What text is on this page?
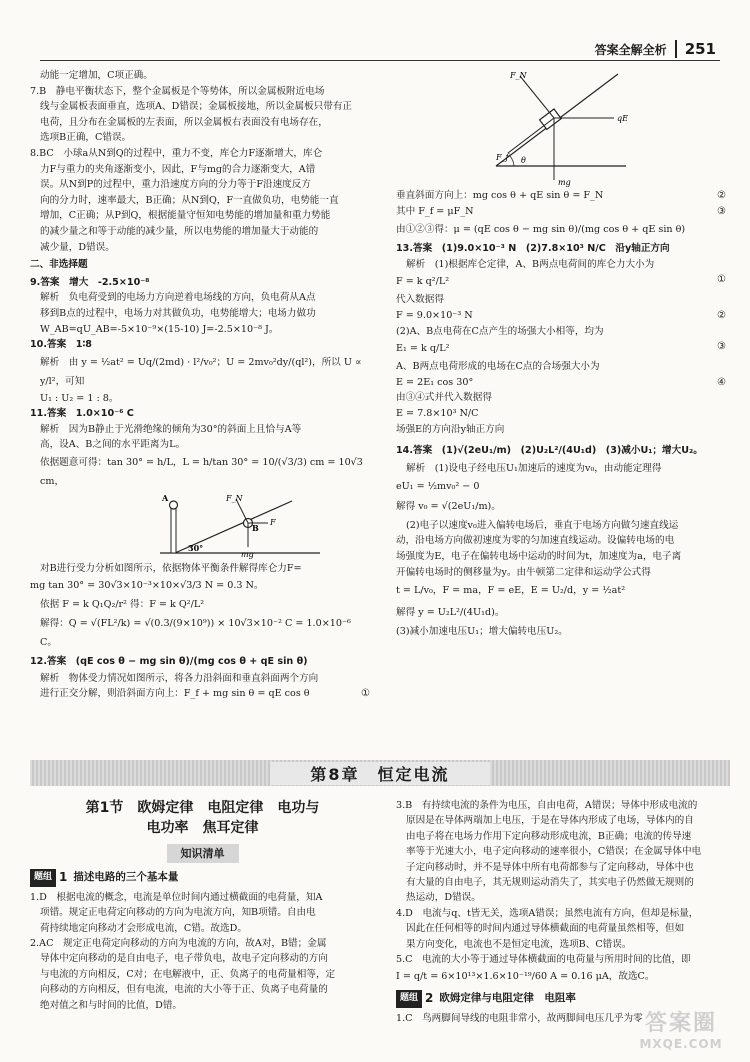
答案全解全析	251

动能一定增加，C项正确。

7.B　静电平衡状态下，整个金属板是个等势体，所以金属板附近电场

线与金属板表面垂直，选项A、D错误；金属板接地，所以金属板只带有正

电荷，且分布在金属板的左表面，所以金属板右表面没有电场存在，

选项B正确，C错误。

8.BC　小球a从N到Q的过程中，重力不变，库仑力F逐渐增大，库仑

力F与重力的夹角逐渐变小，因此，F与mg的合力逐渐变大，A错

误。从N到P的过程中，重力沿速度方向的分力等于F沿速度反方

向的分力时，速率最大，B正确；从N到Q，F一直做负功，电势能一直

增加，C正确；从P到Q，根据能量守恒知电势能的增加量和重力势能

的减少量之和等于动能的减少量，所以电势能的增加量大于动能的

减少量，D错误。

二、非选择题

9.答案　增大　-2.5×10⁻⁸

解析　负电荷受到的电场力方向逆着电场线的方向，负电荷从A点

移到B点的过程中，电场力对其做负功，电势能增大；电场力做功

W_AB=qU_AB=-5×10⁻⁹×(15-10) J=-2.5×10⁻⁸ J。

10.答案　1∶8

解析　由 y = ½at² = Uq/(2md) · l²/v₀²；U = 2mv₀²dy/(ql²)，所以 U ∝ y/l²，可知

U₁ : U₂ = 1 : 8。

11.答案　1.0×10⁻⁶ C

解析　因为B静止于光滑绝缘的倾角为30°的斜面上且恰与A等

高，设A、B之间的水平距离为L。

依据题意可得：tan 30° = h/L，L = h/tan 30° = 10/(√3/3) cm = 10√3 cm，

F_N
A
B
F
mg
30°

对B进行受力分析如图所示，依据物体平衡条件解得库仑力F=

mg tan 30° = 30√3×10⁻³×10×√3/3 N = 0.3 N。

依据 F = k Q₁Q₂/r² 得：F = k Q²/L²

解得：Q = √(FL²/k) = √(0.3/(9×10⁹)) × 10√3×10⁻² C = 1.0×10⁻⁶ C。

12.答案　(qE cos θ − mg sin θ)/(mg cos θ + qE sin θ)

解析　物体受力情况如图所示，将各力沿斜面和垂直斜面两个方向

进行正交分解，则沿斜面方向上：F_f + mg sin θ = qE cos θ	①
F_N
qE
F_f θ
mg

垂直斜面方向上：mg cos θ + qE sin θ = F_N	②

其中 F_f = μF_N	③

由①②③得：μ = (qE cos θ − mg sin θ)/(mg cos θ + qE sin θ)

13.答案　(1)9.0×10⁻³ N　(2)7.8×10³ N/C　沿y轴正方向

解析　(1)根据库仑定律，A、B两点电荷间的库仑力大小为

F = k q²/L²	①

代入数据得

F = 9.0×10⁻³ N	②

(2)A、B点电荷在C点产生的场强大小相等，均为

E₁ = k q/L²	③

A、B两点电荷形成的电场在C点的合场强大小为

E = 2E₁ cos 30°	④

由③④式并代入数据得

E = 7.8×10³ N/C

场强E的方向沿y轴正方向

14.答案　(1)√(2eU₁/m)　(2)U₂L²/(4U₁d)　(3)减小U₁；增大U₂。

解析　(1)设电子经电压U₁加速后的速度为v₀，由动能定理得

eU₁ = ½mv₀² − 0

解得 v₀ = √(2eU₁/m)。

(2)电子以速度v₀进入偏转电场后，垂直于电场方向做匀速直线运

动，沿电场方向做初速度为零的匀加速直线运动。设偏转电场的电

场强度为E，电子在偏转电场中运动的时间为t，加速度为a，电子离

开偏转电场时的侧移量为y。由牛顿第二定律和运动学公式得

t = L/v₀，F = ma，F = eE，E = U₂/d，y = ½at²

解得 y = U₂L²/(4U₁d)。

(3)减小加速电压U₁；增大偏转电压U₂。

第8章　恒定电流

第1节　欧姆定律　电阻定律　电功与

电功率　焦耳定律

知识清单
题组 1 描述电路的三个基本量

1.D　根据电流的概念，电流是单位时间内通过横截面的电荷量，知A

项错。规定正电荷定向移动的方向为电流方向，知B项错。自由电

荷持续地定向移动才会形成电流，C错。故选D。

2.AC　规定正电荷定向移动的方向为电流的方向，故A对，B错；金属

导体中定向移动的是自由电子，电子带负电，故电子定向移动的方向

与电流的方向相反，C对；在电解液中，正、负离子的电荷量相等，定

向移动的方向相反，但有电流，电流的大小等于正、负离子电荷量的

绝对值之和与时间的比值，D错。

3.B　有持续电流的条件为电压，自由电荷，A错误；导体中形成电流的

原因是在导体两端加上电压，于是在导体内形成了电场，导体内的自

由电子将在电场力作用下定向移动形成电流，B正确；电流的传导速

率等于光速大小，电子定向移动的速率很小，C错误；在金属导体中电

子定向移动时，并不是导体中所有电荷都参与了定向移动，导体中也

有大量的自由电子，其无规则运动消失了，其实电子仍然做无规则的

热运动，D错误。

4.D　电流与q、t皆无关，选项A错误；虽然电流有方向，但却是标量，

因此在任何相等的时间内通过导体横截面的电荷量虽然相等，但如

果方向变化，电流也不是恒定电流，选项B、C错误。

5.C　电流的大小等于通过导体横截面的电荷量与所用时间的比值，即

I = q/t = 6×10¹³×1.6×10⁻¹⁹/60 A = 0.16 μA，故选C。

题组 2 欧姆定律与电阻定律　电阻率

1.C　鸟两脚间导线的电阻非常小，故两脚间电压几乎为零 答案圈
MXQE.COM
